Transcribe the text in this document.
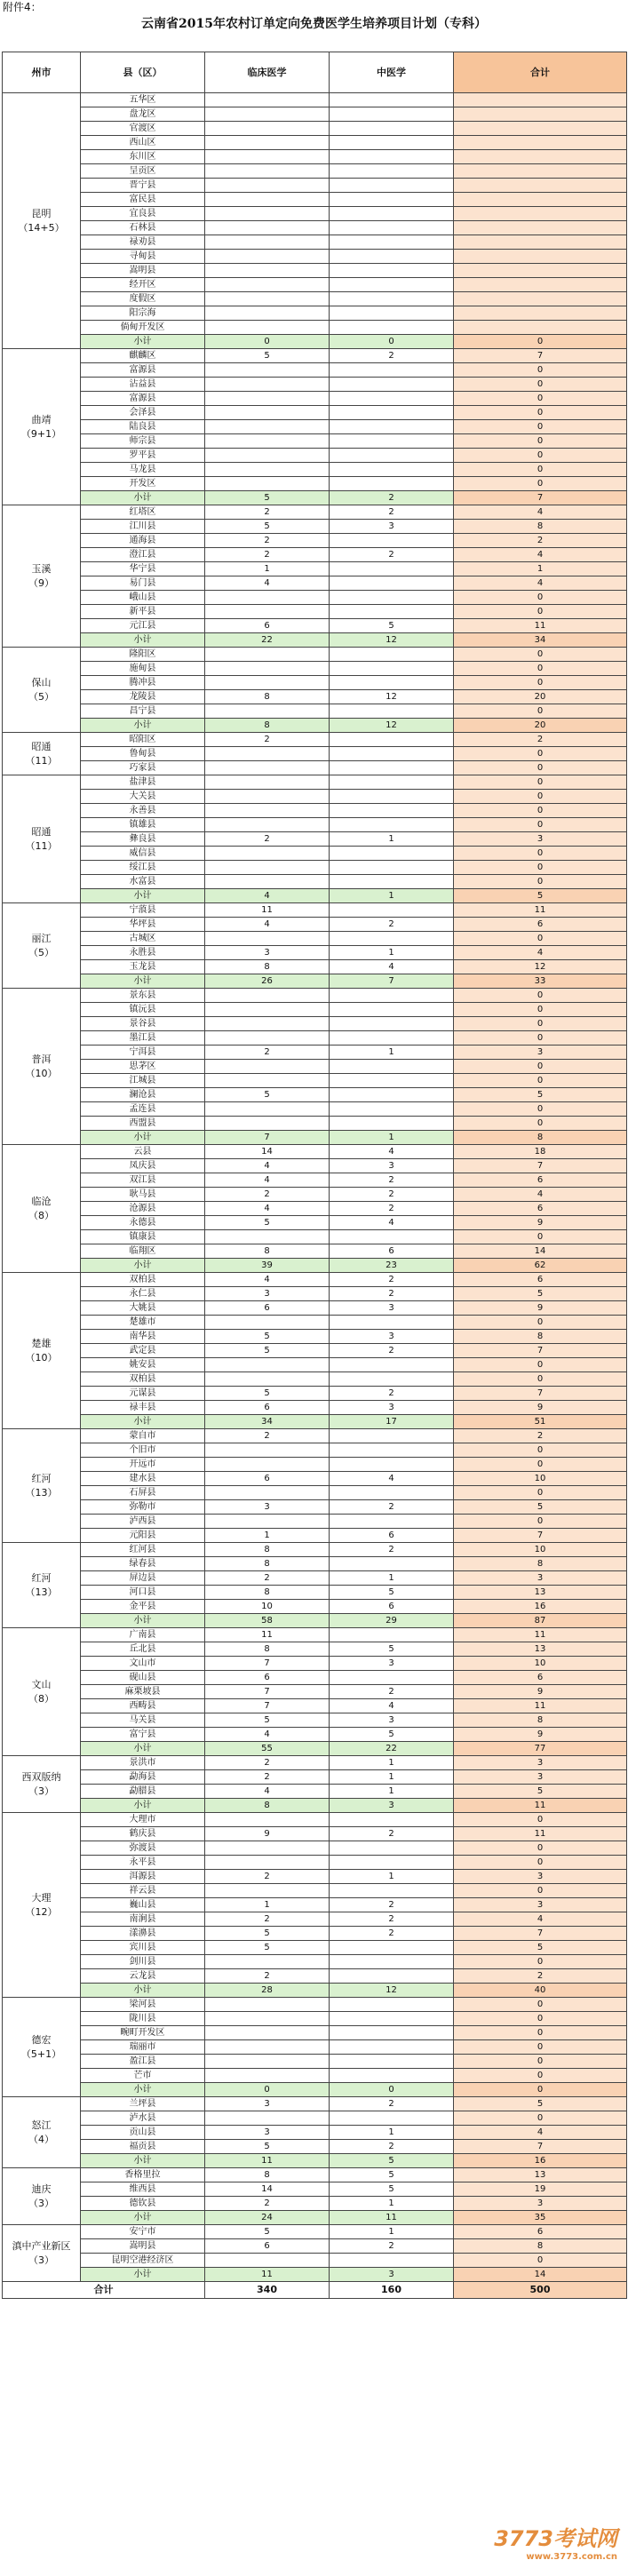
附件4：
云南省2015年农村订单定向免费医学生培养项目计划（专科）
州市	县（区）	临床医学	中医学	合计

昆明
（14+5）	五华区			
	盘龙区			
	官渡区			
	西山区			
	东川区			
	呈贡区			
	晋宁县			
	富民县			
	宜良县			
	石林县			
	禄劝县			
	寻甸县			
	嵩明县			
	经开区			
	度假区			
	阳宗海			
	倘甸开发区			
	小计	0	0	0

曲靖
（9+1）	麒麟区	5	2	7
	富源县			0
	沾益县			0
	富源县			0
	会泽县			0
	陆良县			0
	师宗县			0
	罗平县			0
	马龙县			0
	开发区			0
	小计	5	2	7

玉溪
（9）	红塔区	2	2	4
	江川县	5	3	8
	通海县	2		2
	澄江县	2	2	4
	华宁县	1		1
	易门县	4		4
	峨山县			0
	新平县			0
	元江县	6	5	11
	小计	22	12	34

保山
（5）	隆阳区			0
	施甸县			0
	腾冲县			0
	龙陵县	8	12	20
	昌宁县			0
	小计	8	12	20

昭通
（11）	昭阳区	2		2
	鲁甸县			0
	巧家县			0

昭通
（11）	盐津县			0
	大关县			0
	永善县			0
	镇雄县			0
	彝良县	2	1	3
	威信县			0
	绥江县			0
	水富县			0
	小计	4	1	5

丽江
（5）	宁蒗县	11		11
	华坪县	4	2	6
	古城区			0
	永胜县	3	1	4
	玉龙县	8	4	12
	小计	26	7	33

普洱
（10）	景东县			0
	镇沅县			0
	景谷县			0
	墨江县			0
	宁洱县	2	1	3
	思茅区			0
	江城县			0
	澜沧县	5		5
	孟连县			0
	西盟县			0
	小计	7	1	8

临沧
（8）	云县	14	4	18
	凤庆县	4	3	7
	双江县	4	2	6
	耿马县	2	2	4
	沧源县	4	2	6
	永德县	5	4	9
	镇康县			0
	临翔区	8	6	14
	小计	39	23	62

楚雄
（10）	双柏县	4	2	6
	永仁县	3	2	5
	大姚县	6	3	9
	楚雄市			0
	南华县	5	3	8
	武定县	5	2	7
	姚安县			0
	双柏县			0
	元谋县	5	2	7
	禄丰县	6	3	9
	小计	34	17	51

红河
（13）	蒙自市	2		2
	个旧市			0
	开远市			0
	建水县	6	4	10
	石屏县			0
	弥勒市	3	2	5
	泸西县			0
	元阳县	1	6	7

红河
（13）	红河县	8	2	10
	绿春县	8		8
	屏边县	2	1	3
	河口县	8	5	13
	金平县	10	6	16
	小计	58	29	87

文山
（8）	广南县	11		11
	丘北县	8	5	13
	文山市	7	3	10
	砚山县	6		6
	麻栗坡县	7	2	9
	西畴县	7	4	11
	马关县	5	3	8
	富宁县	4	5	9
	小计	55	22	77

西双版纳
（3）	景洪市	2	1	3
	勐海县	2	1	3
	勐腊县	4	1	5
	小计	8	3	11

大理
（12）	大理市			0
	鹤庆县	9	2	11
	弥渡县			0
	永平县			0
	洱源县	2	1	3
	祥云县			0
	巍山县	1	2	3
	南涧县	2	2	4
	漾濞县	5	2	7
	宾川县	5		5
	剑川县			0
	云龙县	2		2
	小计	28	12	40

德宏
（5+1）	梁河县			0
	陇川县			0
	畹町开发区			0
	瑞丽市			0
	盈江县			0
	芒市			0
	小计	0	0	0

怒江
（4）	兰坪县	3	2	5
	泸水县			0
	贡山县	3	1	4
	福贡县	5	2	7
	小计	11	5	16

迪庆
（3）	香格里拉	8	5	13
	维西县	14	5	19
	德钦县	2	1	3
	小计	24	11	35

滇中产业新区（3）	安宁市	5	1	6
	嵩明县	6	2	8
	昆明空港经济区			0
	小计	11	3	14
合计		340	160	500
3773考试网
www.3773.com.cn
